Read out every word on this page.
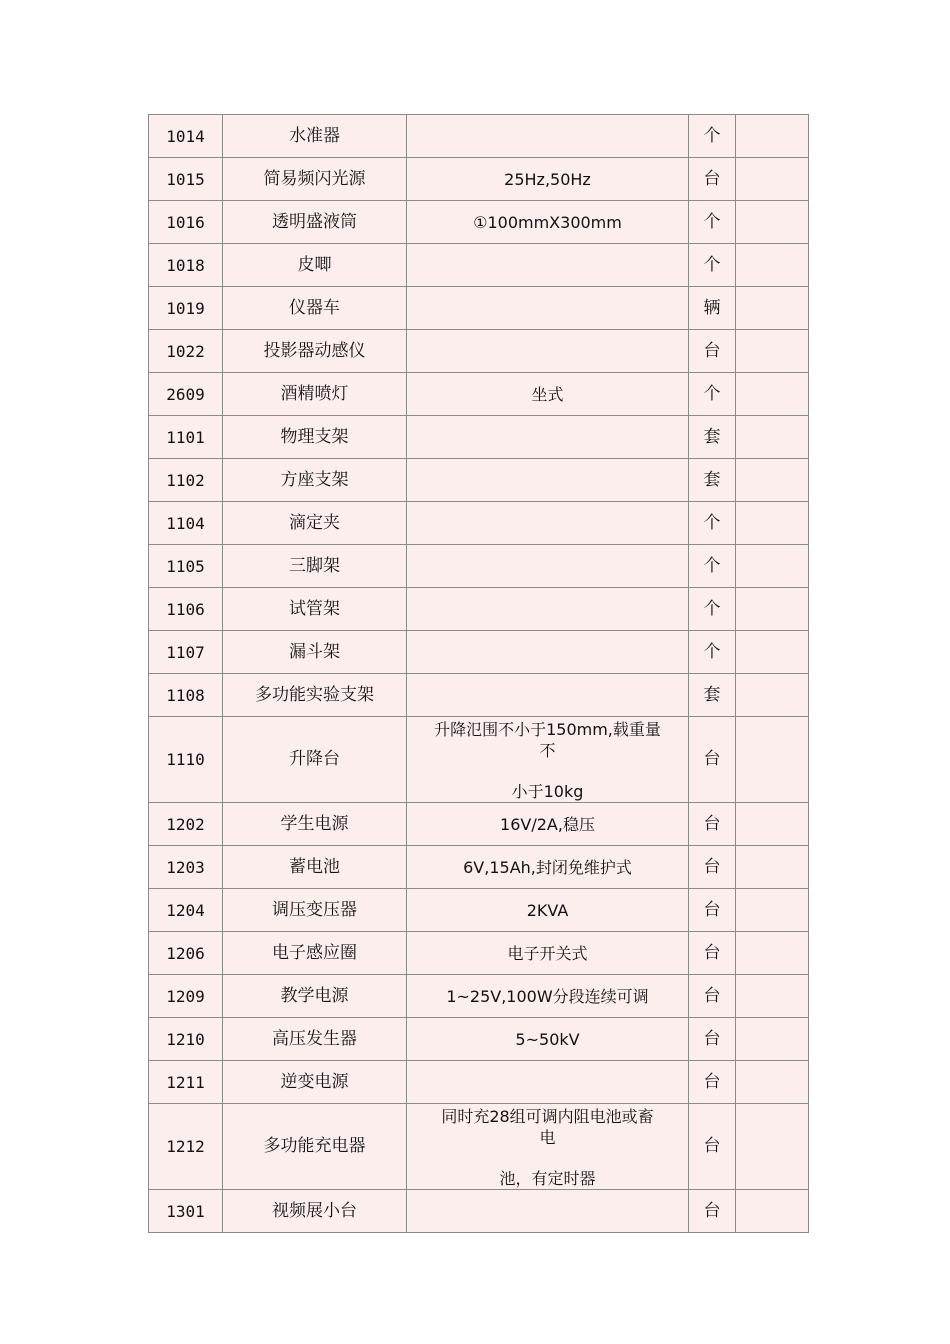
1014	水准器		个	
1015	简易频闪光源	25Hz,50Hz	台	
1016	透明盛液筒	①100mmX300mm	个	
1018	皮唧		个	
1019	仪器车		辆	
1022	投影器动感仪		台	
2609	酒精喷灯	坐式	个	
1101	物理支架		套	
1102	方座支架		套	
1104	滴定夹		个	
1105	三脚架		个	
1106	试管架		个	
1107	漏斗架		个	
1108	多功能实验支架		套	
1110	升降台	升降氾围不小于150mm,载重量
不
小于10kg	台	
1202	学生电源	16V/2A,稳压	台	
1203	蓄电池	6V,15Ah,封闭免维护式	台	
1204	调压变压器	2KVA	台	
1206	电子感应圈	电子开关式	台	
1209	教学电源	1~25V,100W分段连续可调	台	
1210	高压发生器	5~50kV	台	
1211	逆变电源		台	
1212	多功能充电器	同时充28组可调内阻电池或畜
电
池，有定时器	台	
1301	视频展小台		台	
